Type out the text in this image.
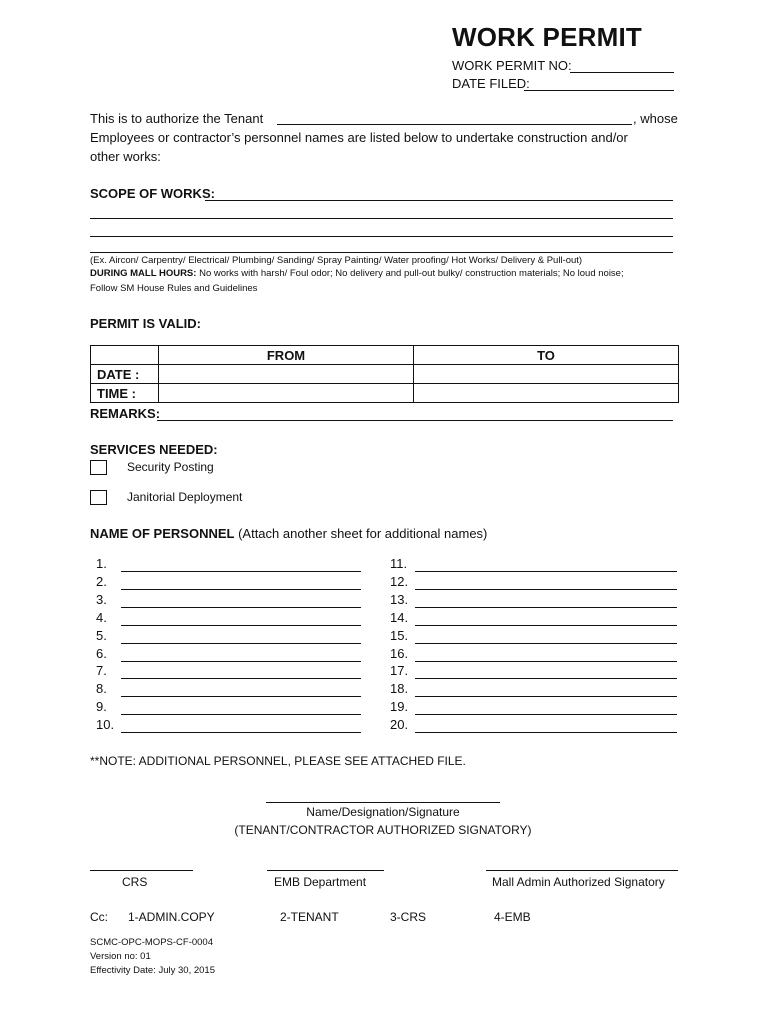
WORK PERMIT
WORK PERMIT NO:
DATE FILED:
This is to authorize the Tenant	, whose
Employees or contractor’s personnel names are listed below to undertake construction and/or
other works:
SCOPE OF WORKS:
(Ex. Aircon/ Carpentry/ Electrical/ Plumbing/ Sanding/ Spray Painting/ Water proofing/ Hot Works/ Delivery & Pull-out)
DURING MALL HOURS: No works with harsh/ Foul odor; No delivery and pull-out bulky/ construction materials; No loud noise;
Follow SM House Rules and Guidelines
PERMIT IS VALID:
	FROM	TO
DATE :		
TIME :		
REMARKS:
SERVICES NEEDED:
Security Posting
Janitorial Deployment
NAME OF PERSONNEL (Attach another sheet for additional names)
1.
2.
3.
4.
5.
6.
7.
8.
9.
10.
11.
12.
13.
14.
15.
16.
17.
18.
19.
20.
**NOTE: ADDITIONAL PERSONNEL, PLEASE SEE ATTACHED FILE.
Name/Designation/Signature
(TENANT/CONTRACTOR AUTHORIZED SIGNATORY)
CRS	EMB Department	Mall Admin Authorized Signatory
Cc: 1-ADMIN.COPY	2-TENANT	3-CRS	4-EMB
SCMC-OPC-MOPS-CF-0004
Version no: 01
Effectivity Date: July 30, 2015
